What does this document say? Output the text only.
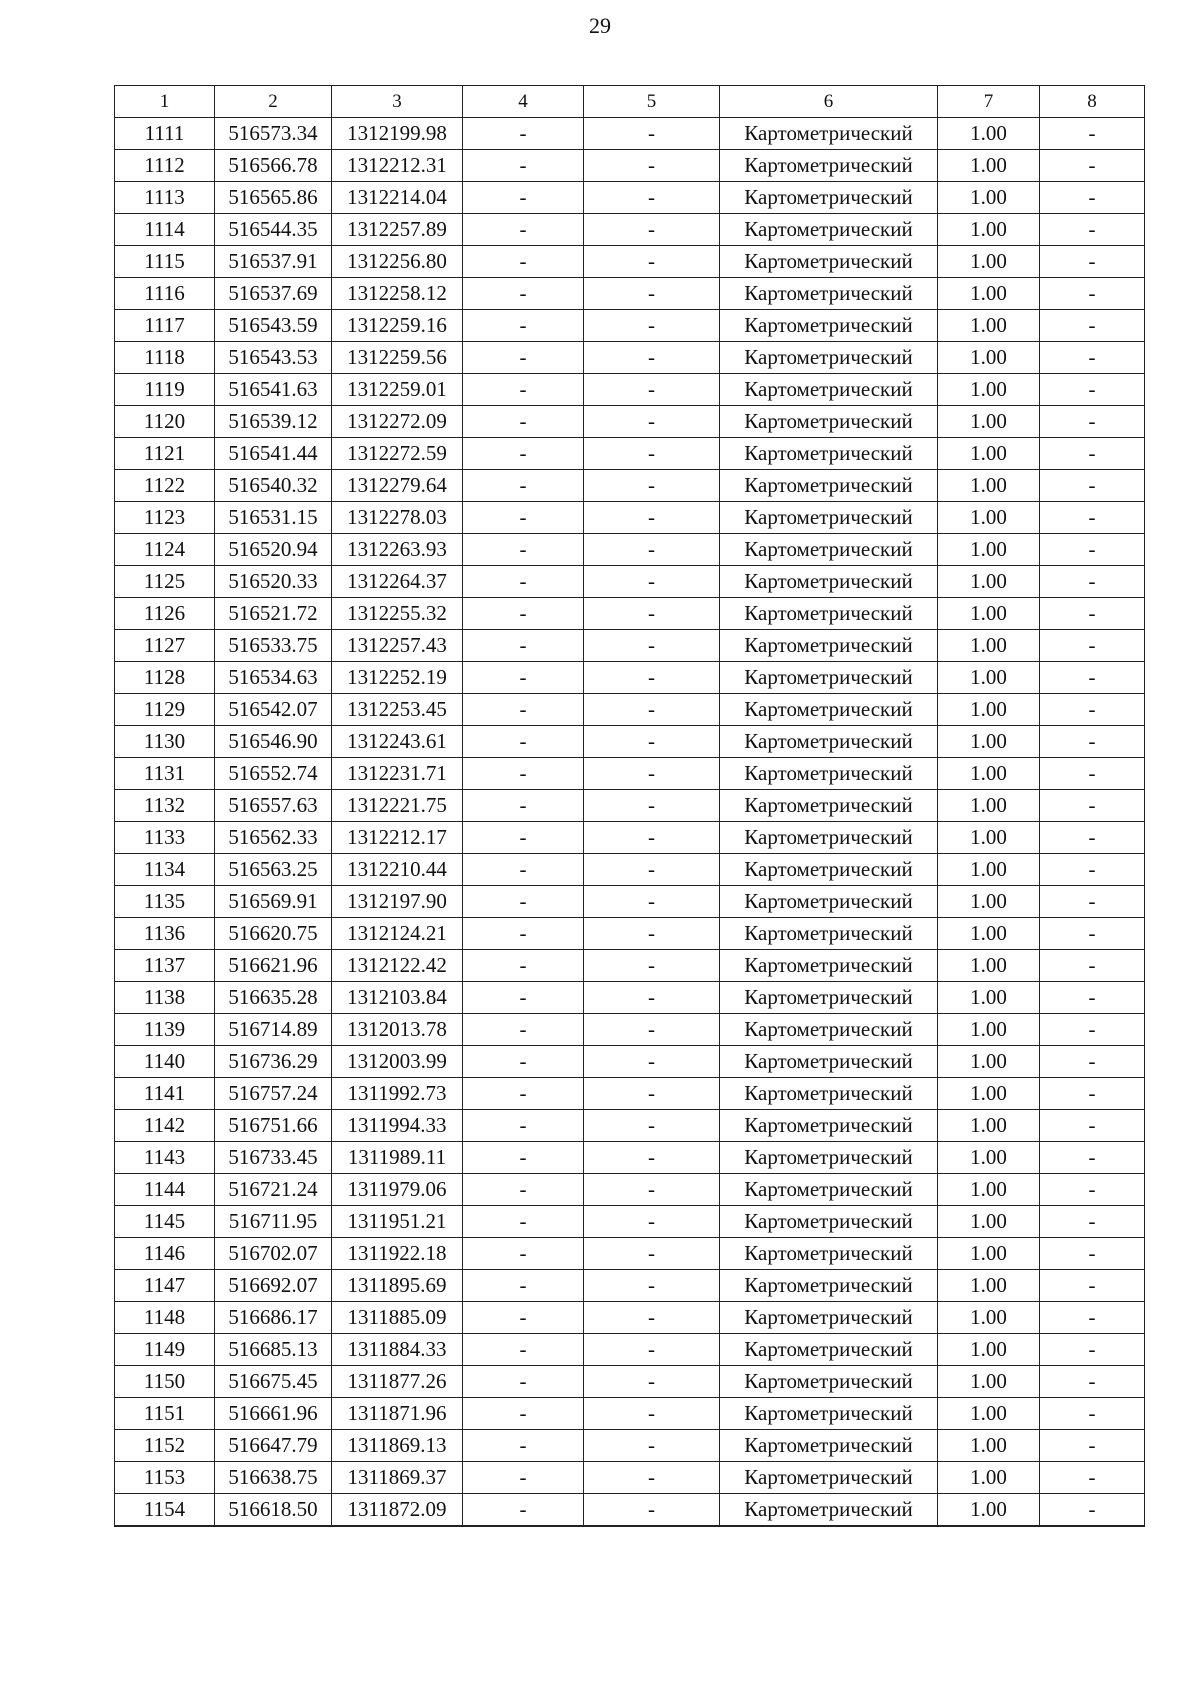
29
1	2	3	4	5	6	7	8
1111	516573.34	1312199.98	-	-	Картометрический	1.00	-
1112	516566.78	1312212.31	-	-	Картометрический	1.00	-
1113	516565.86	1312214.04	-	-	Картометрический	1.00	-
1114	516544.35	1312257.89	-	-	Картометрический	1.00	-
1115	516537.91	1312256.80	-	-	Картометрический	1.00	-
1116	516537.69	1312258.12	-	-	Картометрический	1.00	-
1117	516543.59	1312259.16	-	-	Картометрический	1.00	-
1118	516543.53	1312259.56	-	-	Картометрический	1.00	-
1119	516541.63	1312259.01	-	-	Картометрический	1.00	-
1120	516539.12	1312272.09	-	-	Картометрический	1.00	-
1121	516541.44	1312272.59	-	-	Картометрический	1.00	-
1122	516540.32	1312279.64	-	-	Картометрический	1.00	-
1123	516531.15	1312278.03	-	-	Картометрический	1.00	-
1124	516520.94	1312263.93	-	-	Картометрический	1.00	-
1125	516520.33	1312264.37	-	-	Картометрический	1.00	-
1126	516521.72	1312255.32	-	-	Картометрический	1.00	-
1127	516533.75	1312257.43	-	-	Картометрический	1.00	-
1128	516534.63	1312252.19	-	-	Картометрический	1.00	-
1129	516542.07	1312253.45	-	-	Картометрический	1.00	-
1130	516546.90	1312243.61	-	-	Картометрический	1.00	-
1131	516552.74	1312231.71	-	-	Картометрический	1.00	-
1132	516557.63	1312221.75	-	-	Картометрический	1.00	-
1133	516562.33	1312212.17	-	-	Картометрический	1.00	-
1134	516563.25	1312210.44	-	-	Картометрический	1.00	-
1135	516569.91	1312197.90	-	-	Картометрический	1.00	-
1136	516620.75	1312124.21	-	-	Картометрический	1.00	-
1137	516621.96	1312122.42	-	-	Картометрический	1.00	-
1138	516635.28	1312103.84	-	-	Картометрический	1.00	-
1139	516714.89	1312013.78	-	-	Картометрический	1.00	-
1140	516736.29	1312003.99	-	-	Картометрический	1.00	-
1141	516757.24	1311992.73	-	-	Картометрический	1.00	-
1142	516751.66	1311994.33	-	-	Картометрический	1.00	-
1143	516733.45	1311989.11	-	-	Картометрический	1.00	-
1144	516721.24	1311979.06	-	-	Картометрический	1.00	-
1145	516711.95	1311951.21	-	-	Картометрический	1.00	-
1146	516702.07	1311922.18	-	-	Картометрический	1.00	-
1147	516692.07	1311895.69	-	-	Картометрический	1.00	-
1148	516686.17	1311885.09	-	-	Картометрический	1.00	-
1149	516685.13	1311884.33	-	-	Картометрический	1.00	-
1150	516675.45	1311877.26	-	-	Картометрический	1.00	-
1151	516661.96	1311871.96	-	-	Картометрический	1.00	-
1152	516647.79	1311869.13	-	-	Картометрический	1.00	-
1153	516638.75	1311869.37	-	-	Картометрический	1.00	-
1154	516618.50	1311872.09	-	-	Картометрический	1.00	-
